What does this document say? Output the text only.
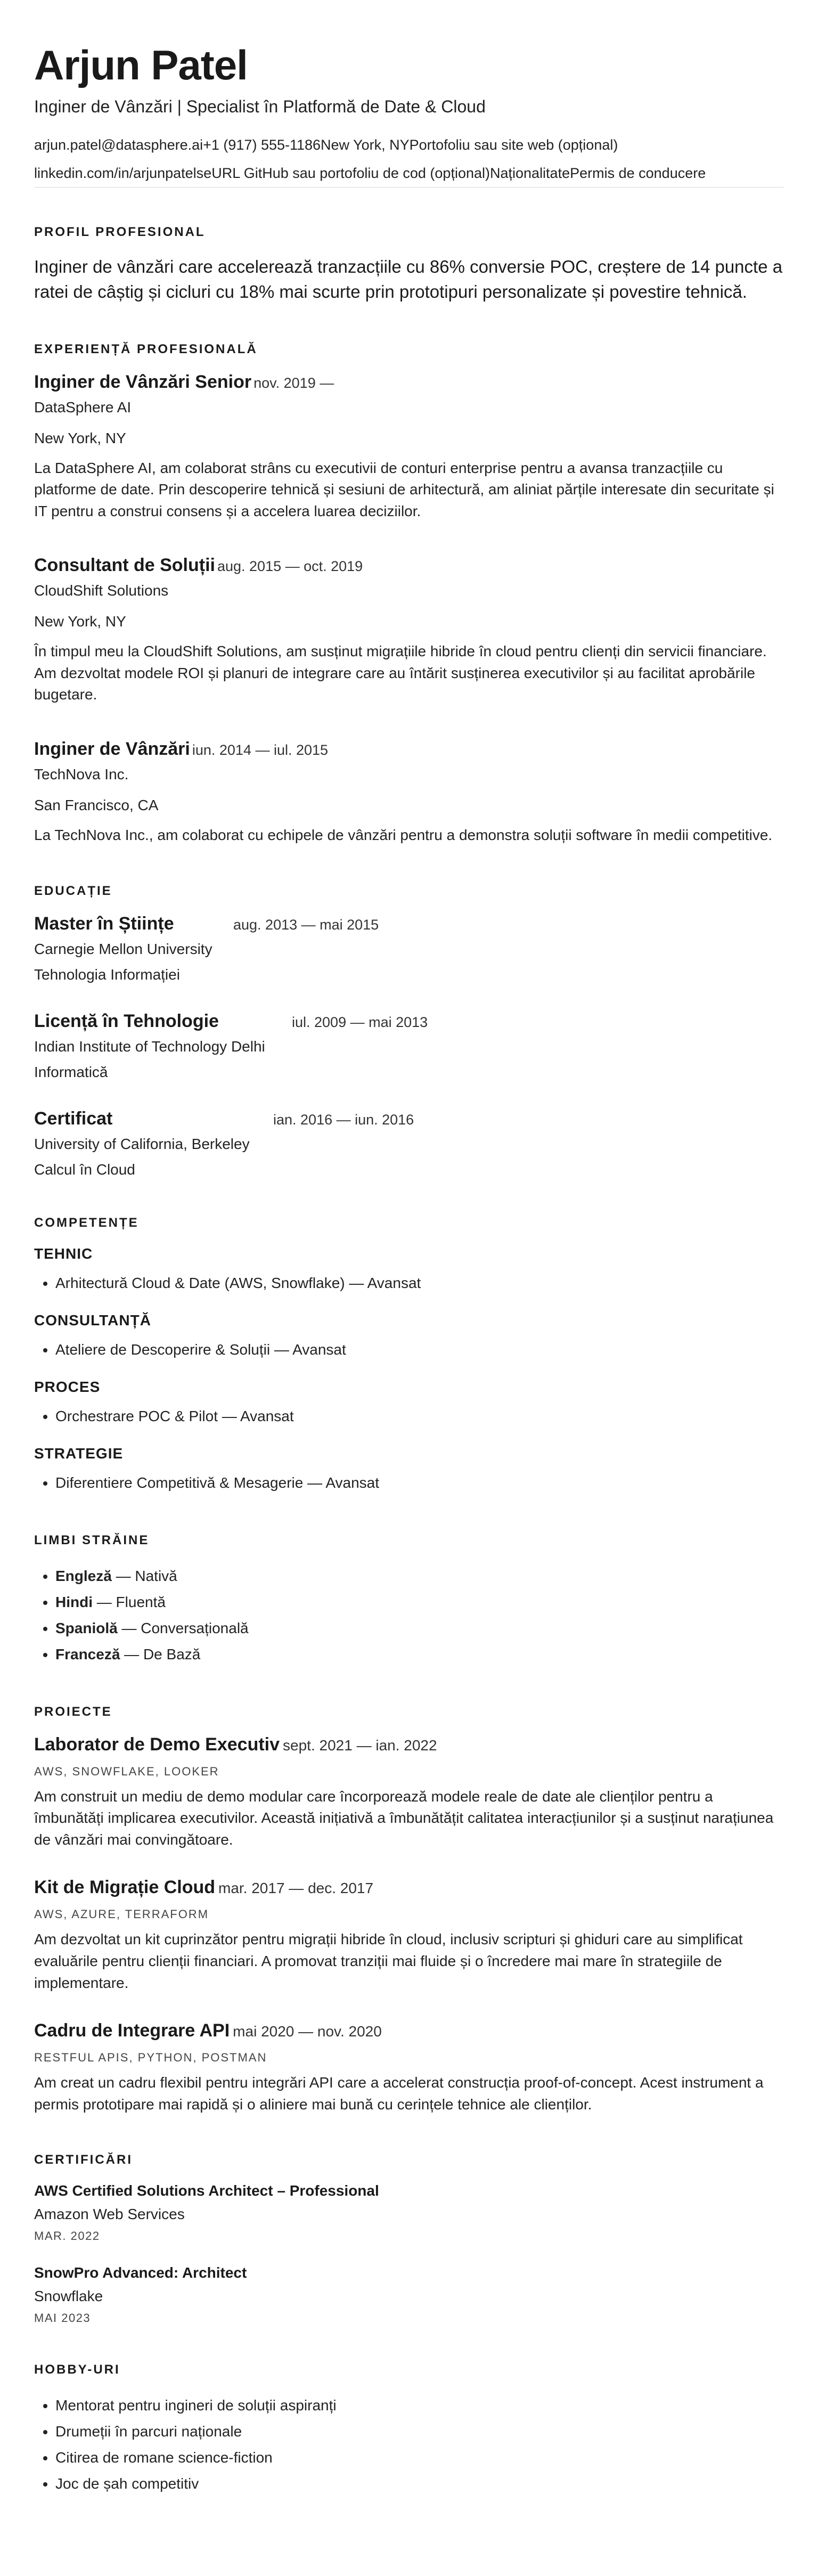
Arjun Patel
Inginer de Vânzări | Specialist în Platformă de Date & Cloud
arjun.patel@datasphere.ai+1 (917) 555-1186New York, NYPortofoliu sau site web (opțional)
linkedin.com/in/arjunpatelseURL GitHub sau portofoliu de cod (opțional)NaționalitatePermis de conducere
PROFIL PROFESIONAL
Inginer de vânzări care accelerează tranzacțiile cu 86% conversie POC, creștere de 14 puncte a ratei de câștig și cicluri cu 18% mai scurte prin prototipuri personalizate și povestire tehnică.
EXPERIENȚĂ PROFESIONALĂ
Inginer de Vânzări Senior nov. 2019 —
DataSphere AI
New York, NY
La DataSphere AI, am colaborat strâns cu executivii de conturi enterprise pentru a avansa tranzacțiile cu platforme de date. Prin descoperire tehnică și sesiuni de arhitectură, am aliniat părțile interesate din securitate și IT pentru a construi consens și a accelera luarea deciziilor.
Consultant de Soluții aug. 2015 — oct. 2019
CloudShift Solutions
New York, NY
În timpul meu la CloudShift Solutions, am susținut migrațiile hibride în cloud pentru clienți din servicii financiare. Am dezvoltat modele ROI și planuri de integrare care au întărit susținerea executivilor și au facilitat aprobările bugetare.
Inginer de Vânzări iun. 2014 — iul. 2015
TechNova Inc.
San Francisco, CA
La TechNova Inc., am colaborat cu echipele de vânzări pentru a demonstra soluții software în medii competitive.
EDUCAȚIE
Master în Științe	aug. 2013 — mai 2015
Carnegie Mellon University
Tehnologia Informației
Licență în Tehnologie	iul. 2009 — mai 2013
Indian Institute of Technology Delhi
Informatică
Certificat	ian. 2016 — iun. 2016
University of California, Berkeley
Calcul în Cloud
COMPETENȚE
TEHNIC
• Arhitectură Cloud & Date (AWS, Snowflake) — Avansat
CONSULTANȚĂ
• Ateliere de Descoperire & Soluții — Avansat
PROCES
• Orchestrare POC & Pilot — Avansat
STRATEGIE
• Diferentiere Competitivă & Mesagerie — Avansat
LIMBI STRĂINE
• Engleză — Nativă
• Hindi — Fluentă
• Spaniolă — Conversațională
• Franceză — De Bază
PROIECTE
Laborator de Demo Executiv sept. 2021 — ian. 2022
AWS, SNOWFLAKE, LOOKER
Am construit un mediu de demo modular care încorporează modele reale de date ale clienților pentru a îmbunătăți implicarea executivilor. Această inițiativă a îmbunătățit calitatea interacțiunilor și a susținut narațiunea de vânzări mai convingătoare.
Kit de Migrație Cloud mar. 2017 — dec. 2017
AWS, AZURE, TERRAFORM
Am dezvoltat un kit cuprinzător pentru migrații hibride în cloud, inclusiv scripturi și ghiduri care au simplificat evaluările pentru clienții financiari. A promovat tranziții mai fluide și o încredere mai mare în strategiile de implementare.
Cadru de Integrare API mai 2020 — nov. 2020
RESTFUL APIS, PYTHON, POSTMAN
Am creat un cadru flexibil pentru integrări API care a accelerat construcția proof-of-concept. Acest instrument a permis prototipare mai rapidă și o aliniere mai bună cu cerințele tehnice ale clienților.
CERTIFICĂRI
AWS Certified Solutions Architect – Professional
Amazon Web Services
MAR. 2022
SnowPro Advanced: Architect
Snowflake
MAI 2023
HOBBY-URI
• Mentorat pentru ingineri de soluții aspiranți
• Drumeții în parcuri naționale
• Citirea de romane science-fiction
• Joc de șah competitiv
